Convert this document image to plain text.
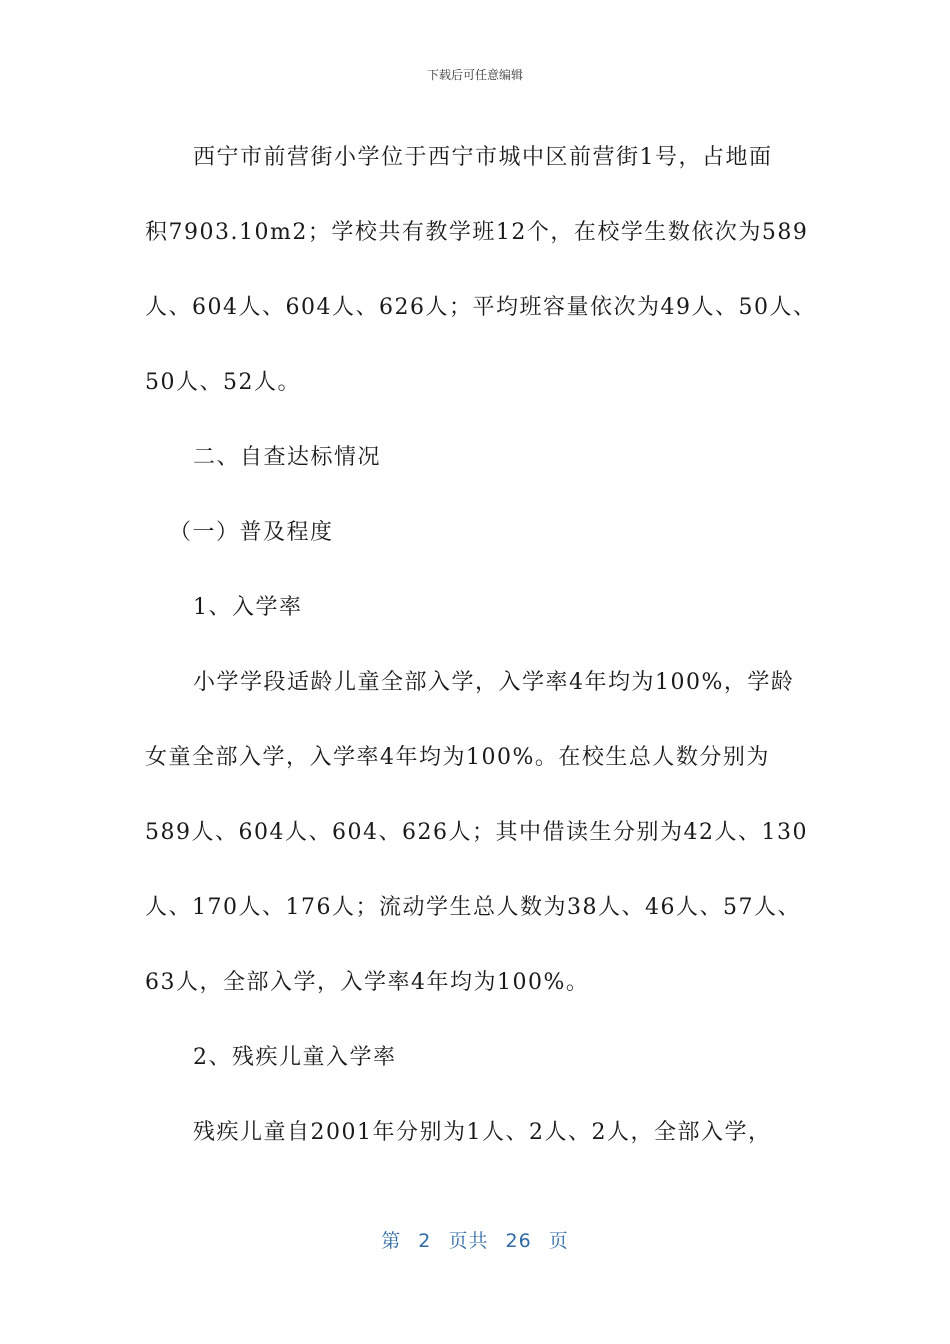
下载后可任意编辑

西宁市前营街小学位于西宁市城中区前营街1号，占地面
积7903.10m2；学校共有教学班12个，在校学生数依次为589
人、604人、604人、626人；平均班容量依次为49人、50人、
50人、52人。

二、自查达标情况

（一）普及程度

1、入学率

小学学段适龄儿童全部入学，入学率4年均为100%，学龄
女童全部入学，入学率4年均为100%。在校生总人数分别为
589人、604人、604、626人；其中借读生分别为42人、130
人、170人、176人；流动学生总人数为38人、46人、57人、
63人，全部入学，入学率4年均为100%。

2、残疾儿童入学率

残疾儿童自2001年分别为1人、2人、2人，全部入学，

第 2 页共 26 页
